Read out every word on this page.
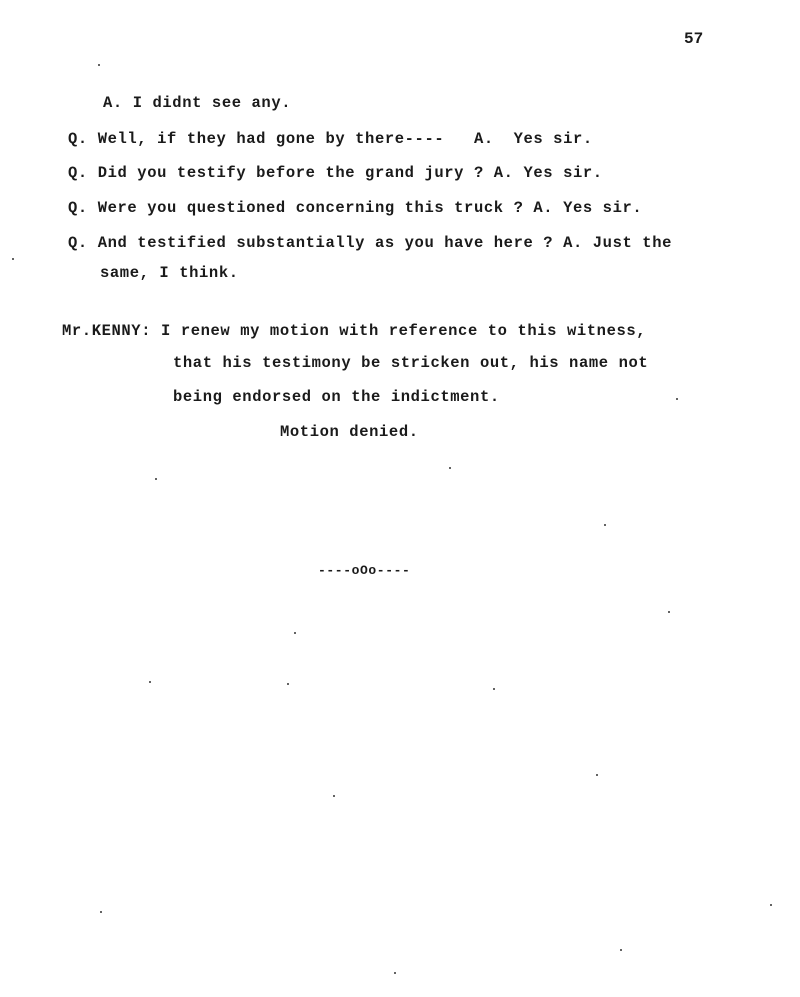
57
A. I didnt see any.
Q. Well, if they had gone by there----   A.  Yes sir.
Q. Did you testify before the grand jury ? A. Yes sir.
Q. Were you questioned concerning this truck ? A. Yes sir.
Q. And testified substantially as you have here ? A. Just the
same, I think.
Mr.KENNY: I renew my motion with reference to this witness,
that his testimony be stricken out, his name not
being endorsed on the indictment.
Motion denied.
----oOo----
